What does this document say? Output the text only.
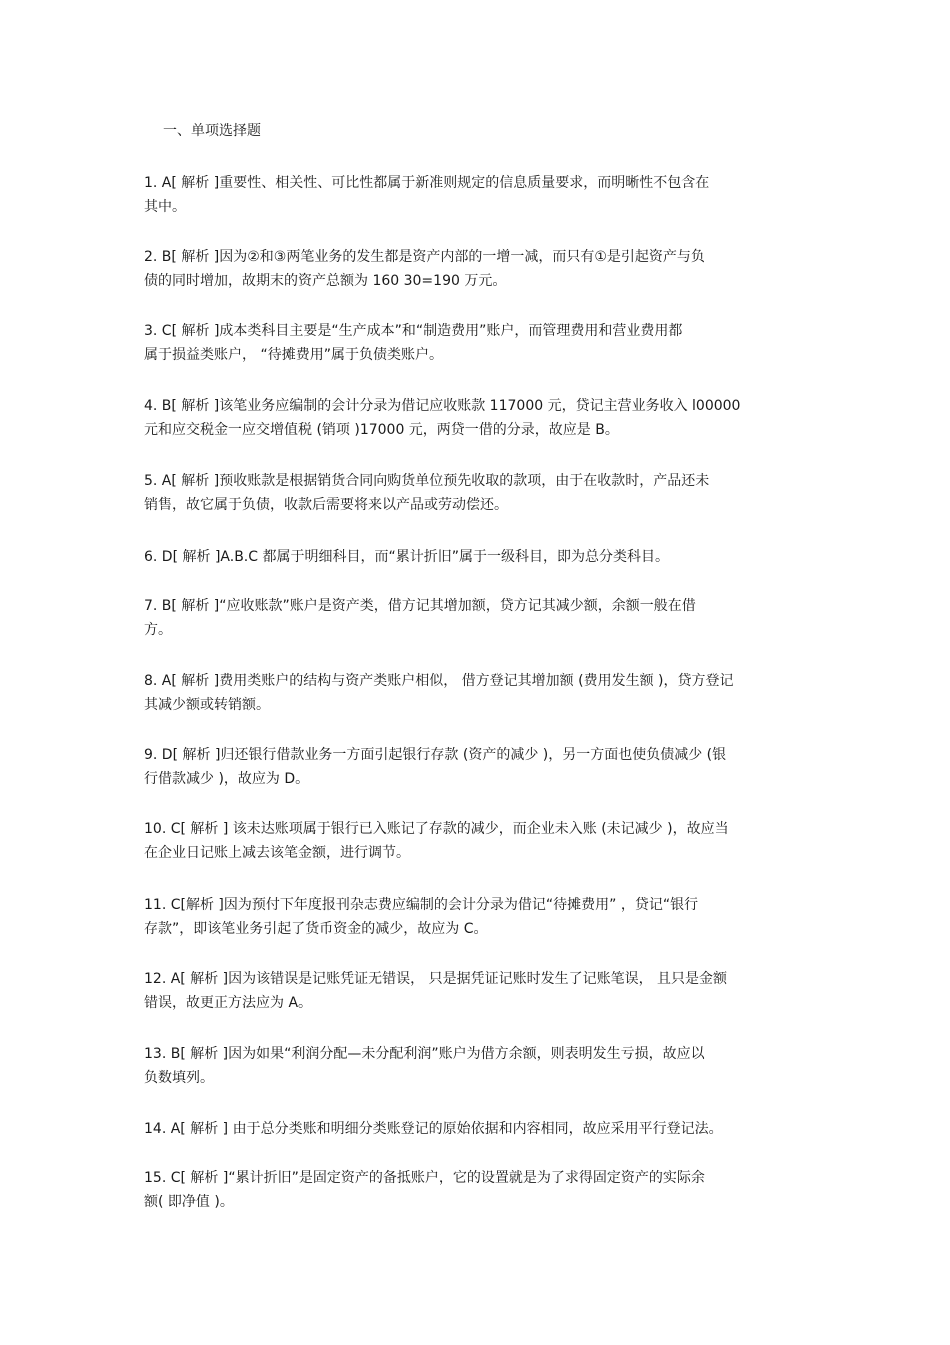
一、单项选择题
1. A[ 解析 ]重要性、相关性、可比性都属于新准则规定的信息质量要求，而明晰性不包含在
其中。
2. B[ 解析 ]因为②和③两笔业务的发生都是资产内部的一增一减，而只有①是引起资产与负
债的同时增加，故期末的资产总额为 160 30=190 万元。
3. C[ 解析 ]成本类科目主要是“生产成本”和“制造费用”账户，而管理费用和营业费用都
属于损益类账户， “待摊费用”属于负债类账户。
4. B[ 解析 ]该笔业务应编制的会计分录为借记应收账款 117000 元，贷记主营业务收入 l00000
元和应交税金一应交增值税 (销项 )17000 元，两贷一借的分录，故应是 B。
5. A[ 解析 ]预收账款是根据销货合同向购货单位预先收取的款项，由于在收款时，产品还未
销售，故它属于负债，收款后需要将来以产品或劳动偿还。
6. D[ 解析 ]A.B.C 都属于明细科目，而“累计折旧”属于一级科目，即为总分类科目。
7. B[ 解析 ]“应收账款”账户是资产类，借方记其增加额，贷方记其减少额，余额一般在借
方。
8. A[ 解析 ]费用类账户的结构与资产类账户相似， 借方登记其增加额 (费用发生额 )，贷方登记
其减少额或转销额。
9. D[ 解析 ]归还银行借款业务一方面引起银行存款 (资产的减少 )，另一方面也使负债减少 (银
行借款减少 )，故应为 D。
10. C[ 解析 ] 该未达账项属于银行已入账记了存款的减少，而企业未入账 (未记减少 )，故应当
在企业日记账上减去该笔金额，进行调节。
11. C[解析 ]因为预付下年度报刊杂志费应编制的会计分录为借记“待摊费用” ，贷记“银行
存款”，即该笔业务引起了货币资金的减少，故应为 C。
12. A[ 解析 ]因为该错误是记账凭证无错误， 只是据凭证记账时发生了记账笔误， 且只是金额
错误，故更正方法应为 A。
13. B[ 解析 ]因为如果“利润分配—未分配利润”账户为借方余额，则表明发生亏损，故应以
负数填列。
14. A[ 解析 ] 由于总分类账和明细分类账登记的原始依据和内容相同，故应采用平行登记法。
15. C[ 解析 ]“累计折旧”是固定资产的备抵账户，它的设置就是为了求得固定资产的实际余
额( 即净值 )。
